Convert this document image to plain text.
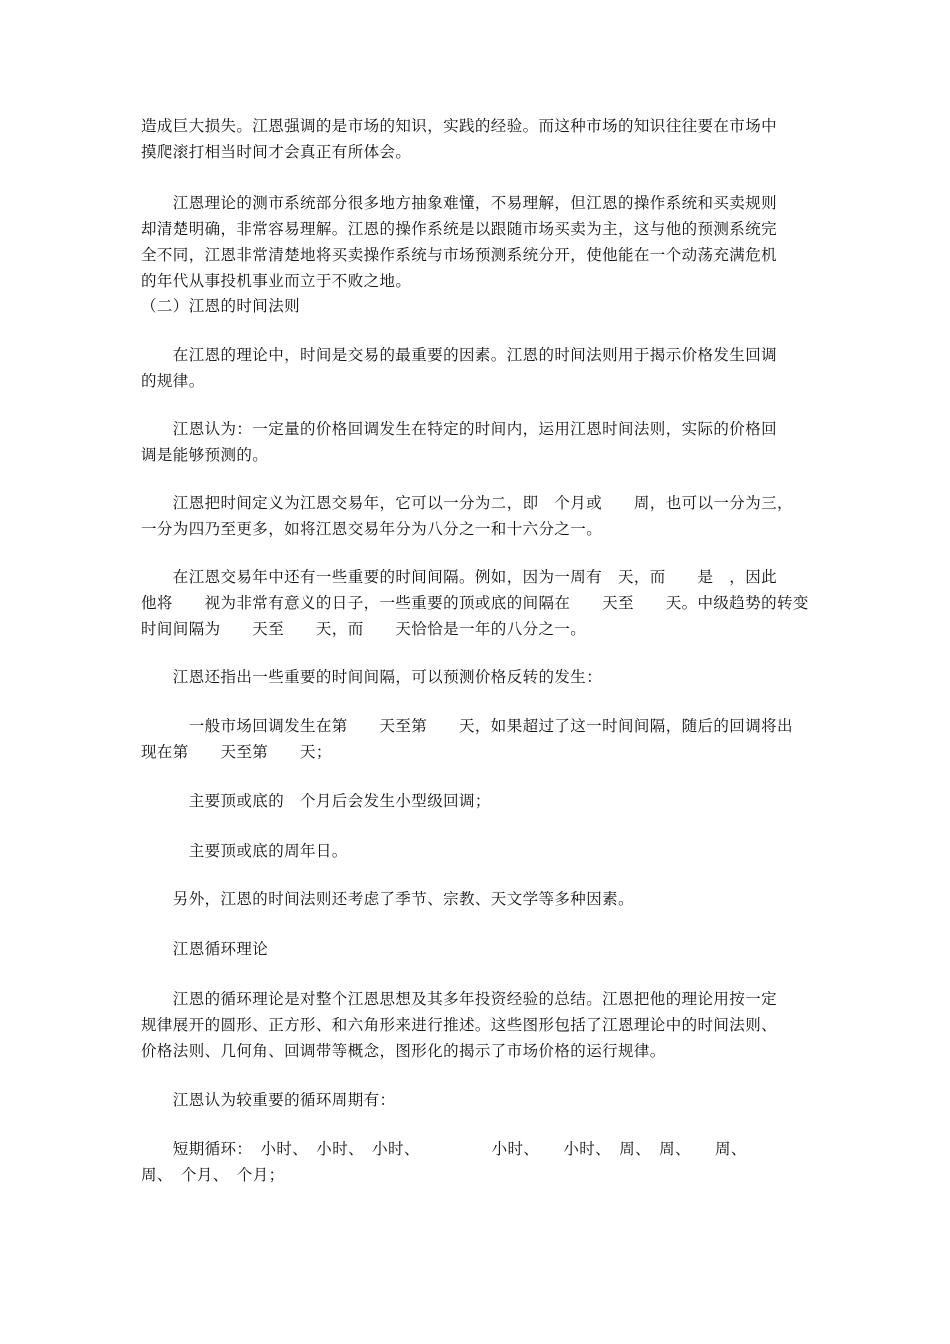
造成巨大损失。江恩强调的是市场的知识，实践的经验。而这种市场的知识往往要在市场中
摸爬滚打相当时间才会真正有所体会。
　　江恩理论的测市系统部分很多地方抽象难懂，不易理解，但江恩的操作系统和买卖规则
却清楚明确，非常容易理解。江恩的操作系统是以跟随市场买卖为主，这与他的预测系统完
全不同，江恩非常清楚地将买卖操作系统与市场预测系统分开，使他能在一个动荡充满危机
的年代从事投机事业而立于不败之地。
（二）江恩的时间法则
　　在江恩的理论中，时间是交易的最重要的因素。江恩的时间法则用于揭示价格发生回调
的规律。
　　江恩认为：一定量的价格回调发生在特定的时间内，运用江恩时间法则，实际的价格回
调是能够预测的。
　　江恩把时间定义为江恩交易年，它可以一分为二，即　个月或　　周，也可以一分为三，
一分为四乃至更多，如将江恩交易年分为八分之一和十六分之一。
　　在江恩交易年中还有一些重要的时间间隔。例如，因为一周有　天，而　　是　，因此
他将　　视为非常有意义的日子，一些重要的顶或底的间隔在　　天至　　天。中级趋势的转变
时间间隔为　　天至　　天，而　　天恰恰是一年的八分之一。
　　江恩还指出一些重要的时间间隔，可以预测价格反转的发生：
　　　一般市场回调发生在第　　天至第　　天，如果超过了这一时间间隔，随后的回调将出
现在第　　天至第　　天；
　　　主要顶或底的　个月后会发生小型级回调；
　　　主要顶或底的周年日。
　　另外，江恩的时间法则还考虑了季节、宗教、天文学等多种因素。
　　江恩循环理论
　　江恩的循环理论是对整个江恩思想及其多年投资经验的总结。江恩把他的理论用按一定
规律展开的圆形、正方形、和六角形来进行推述。这些图形包括了江恩理论中的时间法则、
价格法则、几何角、回调带等概念，图形化的揭示了市场价格的运行规律。
　　江恩认为较重要的循环周期有：
　　短期循环：　小时、　小时、　小时、　　　　　小时、　　小时、　周、　周、　　周、
周、　个月、　个月；
